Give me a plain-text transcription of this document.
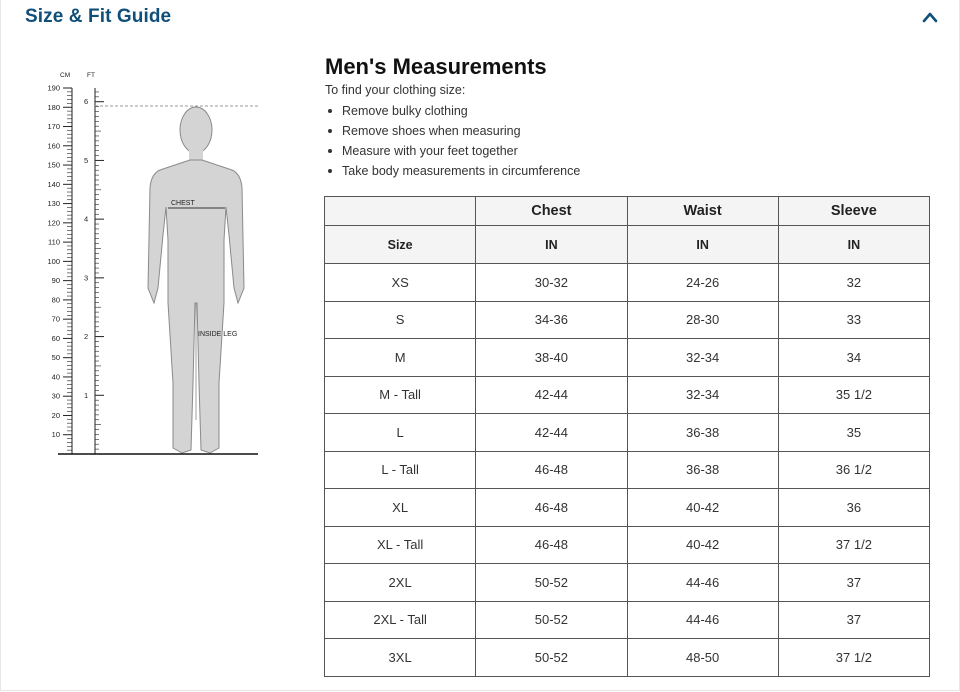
Size & Fit Guide
190
180
170
160
150
140
130
120
110
100
90
80
70
60
50
40
30
20
10
6
5
4
3
2
1
CM	FT
CHEST
INSIDE LEG
Men's Measurements
To find your clothing size:
Remove bulky clothing
Remove shoes when measuring
Measure with your feet together
Take body measurements in circumference
	Chest	Waist	Sleeve
Size	IN	IN	IN
XS	30-32	24-26	32
S	34-36	28-30	33
M	38-40	32-34	34
M - Tall	42-44	32-34	35 1/2
L	42-44	36-38	35
L - Tall	46-48	36-38	36 1/2
XL	46-48	40-42	36
XL - Tall	46-48	40-42	37 1/2
2XL	50-52	44-46	37
2XL - Tall	50-52	44-46	37
3XL	50-52	48-50	37 1/2
